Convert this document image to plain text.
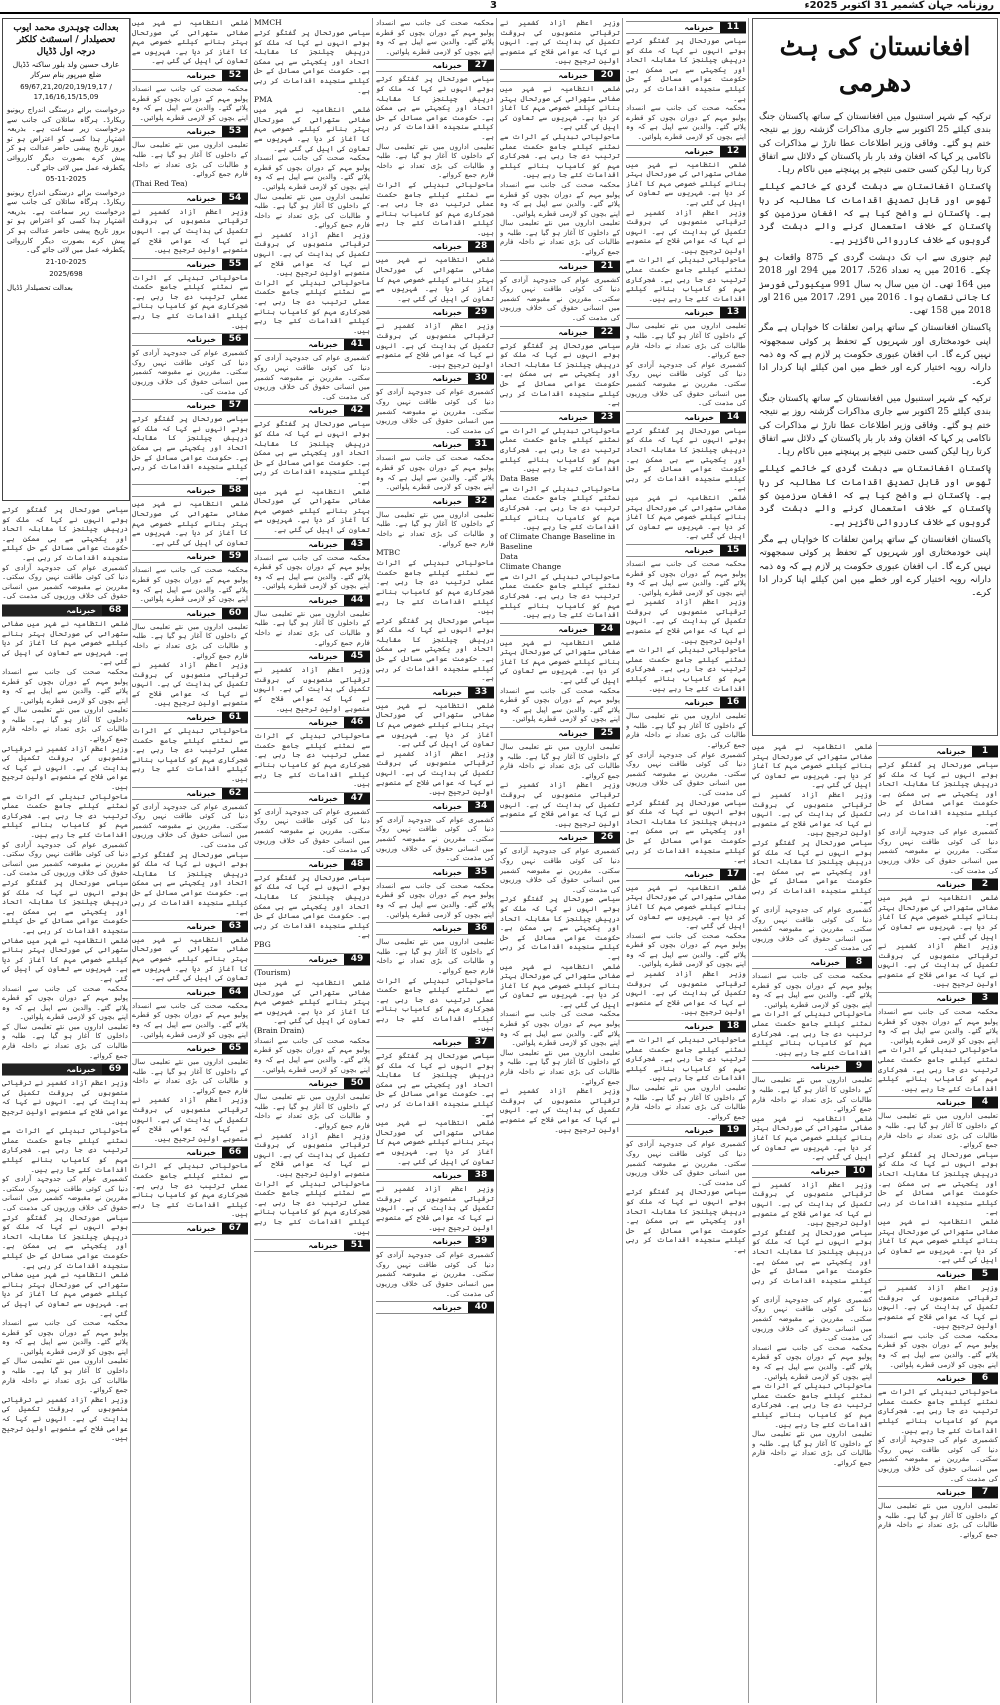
روزنامہ جہان کشمیر 31 اکتوبر 2025ء
3
افغانستان کی ہٹ دھرمی

ترکیہ کے شہر استنبول میں افغانستان کے ساتھ پاکستان جنگ بندی کیلئے 25 اکتوبر سے جاری مذاکرات گزشتہ روز بے نتیجہ ختم ہو گئے۔ وفاقی وزیر اطلاعات عطا تارڑ نے مذاکرات کی ناکامی پر کہا کہ افغان وفد بار بار پاکستان کے دلائل سے اتفاق کرتا رہا لیکن کسی حتمی نتیجے پر پہنچنے میں ناکام رہا۔

پاکستان افغانستان سے دہشت گردی کے خاتمے کیلئے ٹھوس اور قابل تصدیق اقدامات کا مطالبہ کر رہا ہے۔ پاکستان نے واضح کیا ہے کہ افغان سرزمین کو پاکستان کے خلاف استعمال کرنے والے دہشت گرد گروہوں کے خلاف کارروائی ناگزیر ہے۔

ٹیم جنوری سے اب تک دہشت گردی کے 875 واقعات ہو چکے۔ 2016 میں یہ تعداد 526، 2017 میں 294 اور 2018 میں 164 تھی۔ ان میں سال بہ سال 991 سیکیورٹی فورسز کا جانی نقصان ہوا۔ 2016 میں 291، 2017 میں 216 اور 2018 میں 158 تھی۔

پاکستان افغانستان کے ساتھ پرامن تعلقات کا خواہاں ہے مگر اپنی خودمختاری اور شہریوں کے تحفظ پر کوئی سمجھوتہ نہیں کرے گا۔ اب افغان عبوری حکومت پر لازم ہے کہ وہ ذمہ دارانہ رویہ اختیار کرے اور خطے میں امن کیلئے اپنا کردار ادا کرے۔

ترکیہ کے شہر استنبول میں افغانستان کے ساتھ پاکستان جنگ بندی کیلئے 25 اکتوبر سے جاری مذاکرات گزشتہ روز بے نتیجہ ختم ہو گئے۔ وفاقی وزیر اطلاعات عطا تارڑ نے مذاکرات کی ناکامی پر کہا کہ افغان وفد بار بار پاکستان کے دلائل سے اتفاق کرتا رہا لیکن کسی حتمی نتیجے پر پہنچنے میں ناکام رہا۔

پاکستان افغانستان سے دہشت گردی کے خاتمے کیلئے ٹھوس اور قابل تصدیق اقدامات کا مطالبہ کر رہا ہے۔ پاکستان نے واضح کیا ہے کہ افغان سرزمین کو پاکستان کے خلاف استعمال کرنے والے دہشت گرد گروہوں کے خلاف کارروائی ناگزیر ہے۔

پاکستان افغانستان کے ساتھ پرامن تعلقات کا خواہاں ہے مگر اپنی خودمختاری اور شہریوں کے تحفظ پر کوئی سمجھوتہ نہیں کرے گا۔ اب افغان عبوری حکومت پر لازم ہے کہ وہ ذمہ دارانہ رویہ اختیار کرے اور خطے میں امن کیلئے اپنا کردار ادا کرے۔

1
خبرنامہ

سیاسی صورتحال پر گفتگو کرتے ہوئے انہوں نے کہا کہ ملک کو درپیش چیلنجز کا مقابلہ اتحاد اور یکجہتی سے ہی ممکن ہے۔ حکومت عوامی مسائل کے حل کیلئے سنجیدہ اقدامات کر رہی ہے۔

کشمیری عوام کی جدوجہد آزادی کو دنیا کی کوئی طاقت نہیں روک سکتی۔ مقررین نے مقبوضہ کشمیر میں انسانی حقوق کی خلاف ورزیوں کی مذمت کی۔

2
خبرنامہ

ضلعی انتظامیہ نے شہر میں صفائی ستھرائی کی صورتحال بہتر بنانے کیلئے خصوصی مہم کا آغاز کر دیا ہے۔ شہریوں سے تعاون کی اپیل کی گئی ہے۔

وزیر اعظم آزاد کشمیر نے ترقیاتی منصوبوں کی بروقت تکمیل کی ہدایت کی ہے۔ انہوں نے کہا کہ عوامی فلاح کے منصوبے اولین ترجیح ہیں۔

3
خبرنامہ

محکمہ صحت کی جانب سے انسداد پولیو مہم کے دوران بچوں کو قطرے پلائے گئے۔ والدین سے اپیل ہے کہ وہ اپنے بچوں کو لازمی قطرے پلوائیں۔

ماحولیاتی تبدیلی کے اثرات سے نمٹنے کیلئے جامع حکمت عملی ترتیب دی جا رہی ہے۔ شجرکاری مہم کو کامیاب بنانے کیلئے اقدامات کئے جا رہے ہیں۔

4
خبرنامہ

تعلیمی اداروں میں نئے تعلیمی سال کے داخلوں کا آغاز ہو گیا ہے۔ طلبہ و طالبات کی بڑی تعداد نے داخلہ فارم جمع کروائے۔

سیاسی صورتحال پر گفتگو کرتے ہوئے انہوں نے کہا کہ ملک کو درپیش چیلنجز کا مقابلہ اتحاد اور یکجہتی سے ہی ممکن ہے۔ حکومت عوامی مسائل کے حل کیلئے سنجیدہ اقدامات کر رہی ہے۔

ضلعی انتظامیہ نے شہر میں صفائی ستھرائی کی صورتحال بہتر بنانے کیلئے خصوصی مہم کا آغاز کر دیا ہے۔ شہریوں سے تعاون کی اپیل کی گئی ہے۔

5
خبرنامہ

وزیر اعظم آزاد کشمیر نے ترقیاتی منصوبوں کی بروقت تکمیل کی ہدایت کی ہے۔ انہوں نے کہا کہ عوامی فلاح کے منصوبے اولین ترجیح ہیں۔

محکمہ صحت کی جانب سے انسداد پولیو مہم کے دوران بچوں کو قطرے پلائے گئے۔ والدین سے اپیل ہے کہ وہ اپنے بچوں کو لازمی قطرے پلوائیں۔

6
خبرنامہ

ماحولیاتی تبدیلی کے اثرات سے نمٹنے کیلئے جامع حکمت عملی ترتیب دی جا رہی ہے۔ شجرکاری مہم کو کامیاب بنانے کیلئے اقدامات کئے جا رہے ہیں۔

کشمیری عوام کی جدوجہد آزادی کو دنیا کی کوئی طاقت نہیں روک سکتی۔ مقررین نے مقبوضہ کشمیر میں انسانی حقوق کی خلاف ورزیوں کی مذمت کی۔

7
خبرنامہ

تعلیمی اداروں میں نئے تعلیمی سال کے داخلوں کا آغاز ہو گیا ہے۔ طلبہ و طالبات کی بڑی تعداد نے داخلہ فارم جمع کروائے۔

ضلعی انتظامیہ نے شہر میں صفائی ستھرائی کی صورتحال بہتر بنانے کیلئے خصوصی مہم کا آغاز کر دیا ہے۔ شہریوں سے تعاون کی اپیل کی گئی ہے۔

وزیر اعظم آزاد کشمیر نے ترقیاتی منصوبوں کی بروقت تکمیل کی ہدایت کی ہے۔ انہوں نے کہا کہ عوامی فلاح کے منصوبے اولین ترجیح ہیں۔

سیاسی صورتحال پر گفتگو کرتے ہوئے انہوں نے کہا کہ ملک کو درپیش چیلنجز کا مقابلہ اتحاد اور یکجہتی سے ہی ممکن ہے۔ حکومت عوامی مسائل کے حل کیلئے سنجیدہ اقدامات کر رہی ہے۔

کشمیری عوام کی جدوجہد آزادی کو دنیا کی کوئی طاقت نہیں روک سکتی۔ مقررین نے مقبوضہ کشمیر میں انسانی حقوق کی خلاف ورزیوں کی مذمت کی۔

8
خبرنامہ

محکمہ صحت کی جانب سے انسداد پولیو مہم کے دوران بچوں کو قطرے پلائے گئے۔ والدین سے اپیل ہے کہ وہ اپنے بچوں کو لازمی قطرے پلوائیں۔

ماحولیاتی تبدیلی کے اثرات سے نمٹنے کیلئے جامع حکمت عملی ترتیب دی جا رہی ہے۔ شجرکاری مہم کو کامیاب بنانے کیلئے اقدامات کئے جا رہے ہیں۔

9
خبرنامہ

تعلیمی اداروں میں نئے تعلیمی سال کے داخلوں کا آغاز ہو گیا ہے۔ طلبہ و طالبات کی بڑی تعداد نے داخلہ فارم جمع کروائے۔

ضلعی انتظامیہ نے شہر میں صفائی ستھرائی کی صورتحال بہتر بنانے کیلئے خصوصی مہم کا آغاز کر دیا ہے۔ شہریوں سے تعاون کی اپیل کی گئی ہے۔

10
خبرنامہ

وزیر اعظم آزاد کشمیر نے ترقیاتی منصوبوں کی بروقت تکمیل کی ہدایت کی ہے۔ انہوں نے کہا کہ عوامی فلاح کے منصوبے اولین ترجیح ہیں۔

سیاسی صورتحال پر گفتگو کرتے ہوئے انہوں نے کہا کہ ملک کو درپیش چیلنجز کا مقابلہ اتحاد اور یکجہتی سے ہی ممکن ہے۔ حکومت عوامی مسائل کے حل کیلئے سنجیدہ اقدامات کر رہی ہے۔

کشمیری عوام کی جدوجہد آزادی کو دنیا کی کوئی طاقت نہیں روک سکتی۔ مقررین نے مقبوضہ کشمیر میں انسانی حقوق کی خلاف ورزیوں کی مذمت کی۔

محکمہ صحت کی جانب سے انسداد پولیو مہم کے دوران بچوں کو قطرے پلائے گئے۔ والدین سے اپیل ہے کہ وہ اپنے بچوں کو لازمی قطرے پلوائیں۔

ماحولیاتی تبدیلی کے اثرات سے نمٹنے کیلئے جامع حکمت عملی ترتیب دی جا رہی ہے۔ شجرکاری مہم کو کامیاب بنانے کیلئے اقدامات کئے جا رہے ہیں۔

تعلیمی اداروں میں نئے تعلیمی سال کے داخلوں کا آغاز ہو گیا ہے۔ طلبہ و طالبات کی بڑی تعداد نے داخلہ فارم جمع کروائے۔

11
خبرنامہ

سیاسی صورتحال پر گفتگو کرتے ہوئے انہوں نے کہا کہ ملک کو درپیش چیلنجز کا مقابلہ اتحاد اور یکجہتی سے ہی ممکن ہے۔ حکومت عوامی مسائل کے حل کیلئے سنجیدہ اقدامات کر رہی ہے۔

محکمہ صحت کی جانب سے انسداد پولیو مہم کے دوران بچوں کو قطرے پلائے گئے۔ والدین سے اپیل ہے کہ وہ اپنے بچوں کو لازمی قطرے پلوائیں۔

12
خبرنامہ

ضلعی انتظامیہ نے شہر میں صفائی ستھرائی کی صورتحال بہتر بنانے کیلئے خصوصی مہم کا آغاز کر دیا ہے۔ شہریوں سے تعاون کی اپیل کی گئی ہے۔

وزیر اعظم آزاد کشمیر نے ترقیاتی منصوبوں کی بروقت تکمیل کی ہدایت کی ہے۔ انہوں نے کہا کہ عوامی فلاح کے منصوبے اولین ترجیح ہیں۔

ماحولیاتی تبدیلی کے اثرات سے نمٹنے کیلئے جامع حکمت عملی ترتیب دی جا رہی ہے۔ شجرکاری مہم کو کامیاب بنانے کیلئے اقدامات کئے جا رہے ہیں۔

13
خبرنامہ

تعلیمی اداروں میں نئے تعلیمی سال کے داخلوں کا آغاز ہو گیا ہے۔ طلبہ و طالبات کی بڑی تعداد نے داخلہ فارم جمع کروائے۔

کشمیری عوام کی جدوجہد آزادی کو دنیا کی کوئی طاقت نہیں روک سکتی۔ مقررین نے مقبوضہ کشمیر میں انسانی حقوق کی خلاف ورزیوں کی مذمت کی۔

14
خبرنامہ

سیاسی صورتحال پر گفتگو کرتے ہوئے انہوں نے کہا کہ ملک کو درپیش چیلنجز کا مقابلہ اتحاد اور یکجہتی سے ہی ممکن ہے۔ حکومت عوامی مسائل کے حل کیلئے سنجیدہ اقدامات کر رہی ہے۔

ضلعی انتظامیہ نے شہر میں صفائی ستھرائی کی صورتحال بہتر بنانے کیلئے خصوصی مہم کا آغاز کر دیا ہے۔ شہریوں سے تعاون کی اپیل کی گئی ہے۔

15
خبرنامہ

محکمہ صحت کی جانب سے انسداد پولیو مہم کے دوران بچوں کو قطرے پلائے گئے۔ والدین سے اپیل ہے کہ وہ اپنے بچوں کو لازمی قطرے پلوائیں۔

وزیر اعظم آزاد کشمیر نے ترقیاتی منصوبوں کی بروقت تکمیل کی ہدایت کی ہے۔ انہوں نے کہا کہ عوامی فلاح کے منصوبے اولین ترجیح ہیں۔

ماحولیاتی تبدیلی کے اثرات سے نمٹنے کیلئے جامع حکمت عملی ترتیب دی جا رہی ہے۔ شجرکاری مہم کو کامیاب بنانے کیلئے اقدامات کئے جا رہے ہیں۔

16
خبرنامہ

تعلیمی اداروں میں نئے تعلیمی سال کے داخلوں کا آغاز ہو گیا ہے۔ طلبہ و طالبات کی بڑی تعداد نے داخلہ فارم جمع کروائے۔

کشمیری عوام کی جدوجہد آزادی کو دنیا کی کوئی طاقت نہیں روک سکتی۔ مقررین نے مقبوضہ کشمیر میں انسانی حقوق کی خلاف ورزیوں کی مذمت کی۔

سیاسی صورتحال پر گفتگو کرتے ہوئے انہوں نے کہا کہ ملک کو درپیش چیلنجز کا مقابلہ اتحاد اور یکجہتی سے ہی ممکن ہے۔ حکومت عوامی مسائل کے حل کیلئے سنجیدہ اقدامات کر رہی ہے۔

17
خبرنامہ

ضلعی انتظامیہ نے شہر میں صفائی ستھرائی کی صورتحال بہتر بنانے کیلئے خصوصی مہم کا آغاز کر دیا ہے۔ شہریوں سے تعاون کی اپیل کی گئی ہے۔

محکمہ صحت کی جانب سے انسداد پولیو مہم کے دوران بچوں کو قطرے پلائے گئے۔ والدین سے اپیل ہے کہ وہ اپنے بچوں کو لازمی قطرے پلوائیں۔

وزیر اعظم آزاد کشمیر نے ترقیاتی منصوبوں کی بروقت تکمیل کی ہدایت کی ہے۔ انہوں نے کہا کہ عوامی فلاح کے منصوبے اولین ترجیح ہیں۔

18
خبرنامہ

ماحولیاتی تبدیلی کے اثرات سے نمٹنے کیلئے جامع حکمت عملی ترتیب دی جا رہی ہے۔ شجرکاری مہم کو کامیاب بنانے کیلئے اقدامات کئے جا رہے ہیں۔

تعلیمی اداروں میں نئے تعلیمی سال کے داخلوں کا آغاز ہو گیا ہے۔ طلبہ و طالبات کی بڑی تعداد نے داخلہ فارم جمع کروائے۔

19
خبرنامہ

کشمیری عوام کی جدوجہد آزادی کو دنیا کی کوئی طاقت نہیں روک سکتی۔ مقررین نے مقبوضہ کشمیر میں انسانی حقوق کی خلاف ورزیوں کی مذمت کی۔

سیاسی صورتحال پر گفتگو کرتے ہوئے انہوں نے کہا کہ ملک کو درپیش چیلنجز کا مقابلہ اتحاد اور یکجہتی سے ہی ممکن ہے۔ حکومت عوامی مسائل کے حل کیلئے سنجیدہ اقدامات کر رہی ہے۔

وزیر اعظم آزاد کشمیر نے ترقیاتی منصوبوں کی بروقت تکمیل کی ہدایت کی ہے۔ انہوں نے کہا کہ عوامی فلاح کے منصوبے اولین ترجیح ہیں۔

20
خبرنامہ

ضلعی انتظامیہ نے شہر میں صفائی ستھرائی کی صورتحال بہتر بنانے کیلئے خصوصی مہم کا آغاز کر دیا ہے۔ شہریوں سے تعاون کی اپیل کی گئی ہے۔

ماحولیاتی تبدیلی کے اثرات سے نمٹنے کیلئے جامع حکمت عملی ترتیب دی جا رہی ہے۔ شجرکاری مہم کو کامیاب بنانے کیلئے اقدامات کئے جا رہے ہیں۔

محکمہ صحت کی جانب سے انسداد پولیو مہم کے دوران بچوں کو قطرے پلائے گئے۔ والدین سے اپیل ہے کہ وہ اپنے بچوں کو لازمی قطرے پلوائیں۔

تعلیمی اداروں میں نئے تعلیمی سال کے داخلوں کا آغاز ہو گیا ہے۔ طلبہ و طالبات کی بڑی تعداد نے داخلہ فارم جمع کروائے۔

21
خبرنامہ

کشمیری عوام کی جدوجہد آزادی کو دنیا کی کوئی طاقت نہیں روک سکتی۔ مقررین نے مقبوضہ کشمیر میں انسانی حقوق کی خلاف ورزیوں کی مذمت کی۔

22
خبرنامہ

سیاسی صورتحال پر گفتگو کرتے ہوئے انہوں نے کہا کہ ملک کو درپیش چیلنجز کا مقابلہ اتحاد اور یکجہتی سے ہی ممکن ہے۔ حکومت عوامی مسائل کے حل کیلئے سنجیدہ اقدامات کر رہی ہے۔

23
خبرنامہ

ماحولیاتی تبدیلی کے اثرات سے نمٹنے کیلئے جامع حکمت عملی ترتیب دی جا رہی ہے۔ شجرکاری مہم کو کامیاب بنانے کیلئے اقدامات کئے جا رہے ہیں۔

Data Base

ماحولیاتی تبدیلی کے اثرات سے نمٹنے کیلئے جامع حکمت عملی ترتیب دی جا رہی ہے۔ شجرکاری مہم کو کامیاب بنانے کیلئے اقدامات کئے جا رہے ہیں۔

of Climate Change Baseline in

Baseline

Data

Climate Change

ماحولیاتی تبدیلی کے اثرات سے نمٹنے کیلئے جامع حکمت عملی ترتیب دی جا رہی ہے۔ شجرکاری مہم کو کامیاب بنانے کیلئے اقدامات کئے جا رہے ہیں۔

24
خبرنامہ

ضلعی انتظامیہ نے شہر میں صفائی ستھرائی کی صورتحال بہتر بنانے کیلئے خصوصی مہم کا آغاز کر دیا ہے۔ شہریوں سے تعاون کی اپیل کی گئی ہے۔

محکمہ صحت کی جانب سے انسداد پولیو مہم کے دوران بچوں کو قطرے پلائے گئے۔ والدین سے اپیل ہے کہ وہ اپنے بچوں کو لازمی قطرے پلوائیں۔

25
خبرنامہ

تعلیمی اداروں میں نئے تعلیمی سال کے داخلوں کا آغاز ہو گیا ہے۔ طلبہ و طالبات کی بڑی تعداد نے داخلہ فارم جمع کروائے۔

وزیر اعظم آزاد کشمیر نے ترقیاتی منصوبوں کی بروقت تکمیل کی ہدایت کی ہے۔ انہوں نے کہا کہ عوامی فلاح کے منصوبے اولین ترجیح ہیں۔

26
خبرنامہ

کشمیری عوام کی جدوجہد آزادی کو دنیا کی کوئی طاقت نہیں روک سکتی۔ مقررین نے مقبوضہ کشمیر میں انسانی حقوق کی خلاف ورزیوں کی مذمت کی۔

سیاسی صورتحال پر گفتگو کرتے ہوئے انہوں نے کہا کہ ملک کو درپیش چیلنجز کا مقابلہ اتحاد اور یکجہتی سے ہی ممکن ہے۔ حکومت عوامی مسائل کے حل کیلئے سنجیدہ اقدامات کر رہی ہے۔

ضلعی انتظامیہ نے شہر میں صفائی ستھرائی کی صورتحال بہتر بنانے کیلئے خصوصی مہم کا آغاز کر دیا ہے۔ شہریوں سے تعاون کی اپیل کی گئی ہے۔

محکمہ صحت کی جانب سے انسداد پولیو مہم کے دوران بچوں کو قطرے پلائے گئے۔ والدین سے اپیل ہے کہ وہ اپنے بچوں کو لازمی قطرے پلوائیں۔

تعلیمی اداروں میں نئے تعلیمی سال کے داخلوں کا آغاز ہو گیا ہے۔ طلبہ و طالبات کی بڑی تعداد نے داخلہ فارم جمع کروائے۔

وزیر اعظم آزاد کشمیر نے ترقیاتی منصوبوں کی بروقت تکمیل کی ہدایت کی ہے۔ انہوں نے کہا کہ عوامی فلاح کے منصوبے اولین ترجیح ہیں۔

محکمہ صحت کی جانب سے انسداد پولیو مہم کے دوران بچوں کو قطرے پلائے گئے۔ والدین سے اپیل ہے کہ وہ اپنے بچوں کو لازمی قطرے پلوائیں۔

27
خبرنامہ

سیاسی صورتحال پر گفتگو کرتے ہوئے انہوں نے کہا کہ ملک کو درپیش چیلنجز کا مقابلہ اتحاد اور یکجہتی سے ہی ممکن ہے۔ حکومت عوامی مسائل کے حل کیلئے سنجیدہ اقدامات کر رہی ہے۔

تعلیمی اداروں میں نئے تعلیمی سال کے داخلوں کا آغاز ہو گیا ہے۔ طلبہ و طالبات کی بڑی تعداد نے داخلہ فارم جمع کروائے۔

ماحولیاتی تبدیلی کے اثرات سے نمٹنے کیلئے جامع حکمت عملی ترتیب دی جا رہی ہے۔ شجرکاری مہم کو کامیاب بنانے کیلئے اقدامات کئے جا رہے ہیں۔

28
خبرنامہ

ضلعی انتظامیہ نے شہر میں صفائی ستھرائی کی صورتحال بہتر بنانے کیلئے خصوصی مہم کا آغاز کر دیا ہے۔ شہریوں سے تعاون کی اپیل کی گئی ہے۔

29
خبرنامہ

وزیر اعظم آزاد کشمیر نے ترقیاتی منصوبوں کی بروقت تکمیل کی ہدایت کی ہے۔ انہوں نے کہا کہ عوامی فلاح کے منصوبے اولین ترجیح ہیں۔

30
خبرنامہ

کشمیری عوام کی جدوجہد آزادی کو دنیا کی کوئی طاقت نہیں روک سکتی۔ مقررین نے مقبوضہ کشمیر میں انسانی حقوق کی خلاف ورزیوں کی مذمت کی۔

31
خبرنامہ

محکمہ صحت کی جانب سے انسداد پولیو مہم کے دوران بچوں کو قطرے پلائے گئے۔ والدین سے اپیل ہے کہ وہ اپنے بچوں کو لازمی قطرے پلوائیں۔

32
خبرنامہ

تعلیمی اداروں میں نئے تعلیمی سال کے داخلوں کا آغاز ہو گیا ہے۔ طلبہ و طالبات کی بڑی تعداد نے داخلہ فارم جمع کروائے۔

MTBC

ماحولیاتی تبدیلی کے اثرات سے نمٹنے کیلئے جامع حکمت عملی ترتیب دی جا رہی ہے۔ شجرکاری مہم کو کامیاب بنانے کیلئے اقدامات کئے جا رہے ہیں۔

سیاسی صورتحال پر گفتگو کرتے ہوئے انہوں نے کہا کہ ملک کو درپیش چیلنجز کا مقابلہ اتحاد اور یکجہتی سے ہی ممکن ہے۔ حکومت عوامی مسائل کے حل کیلئے سنجیدہ اقدامات کر رہی ہے۔

33
خبرنامہ

ضلعی انتظامیہ نے شہر میں صفائی ستھرائی کی صورتحال بہتر بنانے کیلئے خصوصی مہم کا آغاز کر دیا ہے۔ شہریوں سے تعاون کی اپیل کی گئی ہے۔

وزیر اعظم آزاد کشمیر نے ترقیاتی منصوبوں کی بروقت تکمیل کی ہدایت کی ہے۔ انہوں نے کہا کہ عوامی فلاح کے منصوبے اولین ترجیح ہیں۔

34
خبرنامہ

کشمیری عوام کی جدوجہد آزادی کو دنیا کی کوئی طاقت نہیں روک سکتی۔ مقررین نے مقبوضہ کشمیر میں انسانی حقوق کی خلاف ورزیوں کی مذمت کی۔

35
خبرنامہ

محکمہ صحت کی جانب سے انسداد پولیو مہم کے دوران بچوں کو قطرے پلائے گئے۔ والدین سے اپیل ہے کہ وہ اپنے بچوں کو لازمی قطرے پلوائیں۔

36
خبرنامہ

تعلیمی اداروں میں نئے تعلیمی سال کے داخلوں کا آغاز ہو گیا ہے۔ طلبہ و طالبات کی بڑی تعداد نے داخلہ فارم جمع کروائے۔

ماحولیاتی تبدیلی کے اثرات سے نمٹنے کیلئے جامع حکمت عملی ترتیب دی جا رہی ہے۔ شجرکاری مہم کو کامیاب بنانے کیلئے اقدامات کئے جا رہے ہیں۔

37
خبرنامہ

سیاسی صورتحال پر گفتگو کرتے ہوئے انہوں نے کہا کہ ملک کو درپیش چیلنجز کا مقابلہ اتحاد اور یکجہتی سے ہی ممکن ہے۔ حکومت عوامی مسائل کے حل کیلئے سنجیدہ اقدامات کر رہی ہے۔

ضلعی انتظامیہ نے شہر میں صفائی ستھرائی کی صورتحال بہتر بنانے کیلئے خصوصی مہم کا آغاز کر دیا ہے۔ شہریوں سے تعاون کی اپیل کی گئی ہے۔

38
خبرنامہ

وزیر اعظم آزاد کشمیر نے ترقیاتی منصوبوں کی بروقت تکمیل کی ہدایت کی ہے۔ انہوں نے کہا کہ عوامی فلاح کے منصوبے اولین ترجیح ہیں۔

39
خبرنامہ

کشمیری عوام کی جدوجہد آزادی کو دنیا کی کوئی طاقت نہیں روک سکتی۔ مقررین نے مقبوضہ کشمیر میں انسانی حقوق کی خلاف ورزیوں کی مذمت کی۔

40
خبرنامہ

MMCH

سیاسی صورتحال پر گفتگو کرتے ہوئے انہوں نے کہا کہ ملک کو درپیش چیلنجز کا مقابلہ اتحاد اور یکجہتی سے ہی ممکن ہے۔ حکومت عوامی مسائل کے حل کیلئے سنجیدہ اقدامات کر رہی ہے۔

PMA

ضلعی انتظامیہ نے شہر میں صفائی ستھرائی کی صورتحال بہتر بنانے کیلئے خصوصی مہم کا آغاز کر دیا ہے۔ شہریوں سے تعاون کی اپیل کی گئی ہے۔

محکمہ صحت کی جانب سے انسداد پولیو مہم کے دوران بچوں کو قطرے پلائے گئے۔ والدین سے اپیل ہے کہ وہ اپنے بچوں کو لازمی قطرے پلوائیں۔

تعلیمی اداروں میں نئے تعلیمی سال کے داخلوں کا آغاز ہو گیا ہے۔ طلبہ و طالبات کی بڑی تعداد نے داخلہ فارم جمع کروائے۔

وزیر اعظم آزاد کشمیر نے ترقیاتی منصوبوں کی بروقت تکمیل کی ہدایت کی ہے۔ انہوں نے کہا کہ عوامی فلاح کے منصوبے اولین ترجیح ہیں۔

ماحولیاتی تبدیلی کے اثرات سے نمٹنے کیلئے جامع حکمت عملی ترتیب دی جا رہی ہے۔ شجرکاری مہم کو کامیاب بنانے کیلئے اقدامات کئے جا رہے ہیں۔

41
خبرنامہ

کشمیری عوام کی جدوجہد آزادی کو دنیا کی کوئی طاقت نہیں روک سکتی۔ مقررین نے مقبوضہ کشمیر میں انسانی حقوق کی خلاف ورزیوں کی مذمت کی۔

42
خبرنامہ

سیاسی صورتحال پر گفتگو کرتے ہوئے انہوں نے کہا کہ ملک کو درپیش چیلنجز کا مقابلہ اتحاد اور یکجہتی سے ہی ممکن ہے۔ حکومت عوامی مسائل کے حل کیلئے سنجیدہ اقدامات کر رہی ہے۔

ضلعی انتظامیہ نے شہر میں صفائی ستھرائی کی صورتحال بہتر بنانے کیلئے خصوصی مہم کا آغاز کر دیا ہے۔ شہریوں سے تعاون کی اپیل کی گئی ہے۔

43
خبرنامہ

محکمہ صحت کی جانب سے انسداد پولیو مہم کے دوران بچوں کو قطرے پلائے گئے۔ والدین سے اپیل ہے کہ وہ اپنے بچوں کو لازمی قطرے پلوائیں۔

44
خبرنامہ

تعلیمی اداروں میں نئے تعلیمی سال کے داخلوں کا آغاز ہو گیا ہے۔ طلبہ و طالبات کی بڑی تعداد نے داخلہ فارم جمع کروائے۔

45
خبرنامہ

وزیر اعظم آزاد کشمیر نے ترقیاتی منصوبوں کی بروقت تکمیل کی ہدایت کی ہے۔ انہوں نے کہا کہ عوامی فلاح کے منصوبے اولین ترجیح ہیں۔

46
خبرنامہ

ماحولیاتی تبدیلی کے اثرات سے نمٹنے کیلئے جامع حکمت عملی ترتیب دی جا رہی ہے۔ شجرکاری مہم کو کامیاب بنانے کیلئے اقدامات کئے جا رہے ہیں۔

47
خبرنامہ

کشمیری عوام کی جدوجہد آزادی کو دنیا کی کوئی طاقت نہیں روک سکتی۔ مقررین نے مقبوضہ کشمیر میں انسانی حقوق کی خلاف ورزیوں کی مذمت کی۔

48
خبرنامہ

سیاسی صورتحال پر گفتگو کرتے ہوئے انہوں نے کہا کہ ملک کو درپیش چیلنجز کا مقابلہ اتحاد اور یکجہتی سے ہی ممکن ہے۔ حکومت عوامی مسائل کے حل کیلئے سنجیدہ اقدامات کر رہی ہے۔

PBG

49
خبرنامہ

(Tourism)

ضلعی انتظامیہ نے شہر میں صفائی ستھرائی کی صورتحال بہتر بنانے کیلئے خصوصی مہم کا آغاز کر دیا ہے۔ شہریوں سے تعاون کی اپیل کی گئی ہے۔

(Brain Drain)

محکمہ صحت کی جانب سے انسداد پولیو مہم کے دوران بچوں کو قطرے پلائے گئے۔ والدین سے اپیل ہے کہ وہ اپنے بچوں کو لازمی قطرے پلوائیں۔

50
خبرنامہ

تعلیمی اداروں میں نئے تعلیمی سال کے داخلوں کا آغاز ہو گیا ہے۔ طلبہ و طالبات کی بڑی تعداد نے داخلہ فارم جمع کروائے۔

وزیر اعظم آزاد کشمیر نے ترقیاتی منصوبوں کی بروقت تکمیل کی ہدایت کی ہے۔ انہوں نے کہا کہ عوامی فلاح کے منصوبے اولین ترجیح ہیں۔

ماحولیاتی تبدیلی کے اثرات سے نمٹنے کیلئے جامع حکمت عملی ترتیب دی جا رہی ہے۔ شجرکاری مہم کو کامیاب بنانے کیلئے اقدامات کئے جا رہے ہیں۔

51
خبرنامہ

ضلعی انتظامیہ نے شہر میں صفائی ستھرائی کی صورتحال بہتر بنانے کیلئے خصوصی مہم کا آغاز کر دیا ہے۔ شہریوں سے تعاون کی اپیل کی گئی ہے۔

52
خبرنامہ

محکمہ صحت کی جانب سے انسداد پولیو مہم کے دوران بچوں کو قطرے پلائے گئے۔ والدین سے اپیل ہے کہ وہ اپنے بچوں کو لازمی قطرے پلوائیں۔

53
خبرنامہ

تعلیمی اداروں میں نئے تعلیمی سال کے داخلوں کا آغاز ہو گیا ہے۔ طلبہ و طالبات کی بڑی تعداد نے داخلہ فارم جمع کروائے۔

(Thai Red Tea)

54
خبرنامہ

وزیر اعظم آزاد کشمیر نے ترقیاتی منصوبوں کی بروقت تکمیل کی ہدایت کی ہے۔ انہوں نے کہا کہ عوامی فلاح کے منصوبے اولین ترجیح ہیں۔

55
خبرنامہ

ماحولیاتی تبدیلی کے اثرات سے نمٹنے کیلئے جامع حکمت عملی ترتیب دی جا رہی ہے۔ شجرکاری مہم کو کامیاب بنانے کیلئے اقدامات کئے جا رہے ہیں۔

56
خبرنامہ

کشمیری عوام کی جدوجہد آزادی کو دنیا کی کوئی طاقت نہیں روک سکتی۔ مقررین نے مقبوضہ کشمیر میں انسانی حقوق کی خلاف ورزیوں کی مذمت کی۔

57
خبرنامہ

سیاسی صورتحال پر گفتگو کرتے ہوئے انہوں نے کہا کہ ملک کو درپیش چیلنجز کا مقابلہ اتحاد اور یکجہتی سے ہی ممکن ہے۔ حکومت عوامی مسائل کے حل کیلئے سنجیدہ اقدامات کر رہی ہے۔

58
خبرنامہ

ضلعی انتظامیہ نے شہر میں صفائی ستھرائی کی صورتحال بہتر بنانے کیلئے خصوصی مہم کا آغاز کر دیا ہے۔ شہریوں سے تعاون کی اپیل کی گئی ہے۔

59
خبرنامہ

محکمہ صحت کی جانب سے انسداد پولیو مہم کے دوران بچوں کو قطرے پلائے گئے۔ والدین سے اپیل ہے کہ وہ اپنے بچوں کو لازمی قطرے پلوائیں۔

60
خبرنامہ

تعلیمی اداروں میں نئے تعلیمی سال کے داخلوں کا آغاز ہو گیا ہے۔ طلبہ و طالبات کی بڑی تعداد نے داخلہ فارم جمع کروائے۔

وزیر اعظم آزاد کشمیر نے ترقیاتی منصوبوں کی بروقت تکمیل کی ہدایت کی ہے۔ انہوں نے کہا کہ عوامی فلاح کے منصوبے اولین ترجیح ہیں۔

61
خبرنامہ

ماحولیاتی تبدیلی کے اثرات سے نمٹنے کیلئے جامع حکمت عملی ترتیب دی جا رہی ہے۔ شجرکاری مہم کو کامیاب بنانے کیلئے اقدامات کئے جا رہے ہیں۔

62
خبرنامہ

کشمیری عوام کی جدوجہد آزادی کو دنیا کی کوئی طاقت نہیں روک سکتی۔ مقررین نے مقبوضہ کشمیر میں انسانی حقوق کی خلاف ورزیوں کی مذمت کی۔

سیاسی صورتحال پر گفتگو کرتے ہوئے انہوں نے کہا کہ ملک کو درپیش چیلنجز کا مقابلہ اتحاد اور یکجہتی سے ہی ممکن ہے۔ حکومت عوامی مسائل کے حل کیلئے سنجیدہ اقدامات کر رہی ہے۔

63
خبرنامہ

ضلعی انتظامیہ نے شہر میں صفائی ستھرائی کی صورتحال بہتر بنانے کیلئے خصوصی مہم کا آغاز کر دیا ہے۔ شہریوں سے تعاون کی اپیل کی گئی ہے۔

64
خبرنامہ

محکمہ صحت کی جانب سے انسداد پولیو مہم کے دوران بچوں کو قطرے پلائے گئے۔ والدین سے اپیل ہے کہ وہ اپنے بچوں کو لازمی قطرے پلوائیں۔

65
خبرنامہ

تعلیمی اداروں میں نئے تعلیمی سال کے داخلوں کا آغاز ہو گیا ہے۔ طلبہ و طالبات کی بڑی تعداد نے داخلہ فارم جمع کروائے۔

وزیر اعظم آزاد کشمیر نے ترقیاتی منصوبوں کی بروقت تکمیل کی ہدایت کی ہے۔ انہوں نے کہا کہ عوامی فلاح کے منصوبے اولین ترجیح ہیں۔

66
خبرنامہ

ماحولیاتی تبدیلی کے اثرات سے نمٹنے کیلئے جامع حکمت عملی ترتیب دی جا رہی ہے۔ شجرکاری مہم کو کامیاب بنانے کیلئے اقدامات کئے جا رہے ہیں۔

67
خبرنامہ
بعدالت چوہدری محمد ایوب تحصیلدار / اسسٹنٹ کلکٹر درجہ اول ڈڈیال
عارف حسین ولد بلور ساکنہ ڈڈیال ضلع میرپور بنام سرکار
69/67,21,20/20,19/19,17 / 17,16/16,15/15,09

درخواست برائے درستگی اندراج ریونیو ریکارڈ۔ ہرگاہ سائلان کی جانب سے درخواست زیر سماعت ہے۔ بذریعہ اشتہار ہذا کسی کو اعتراض ہو تو بروز تاریخ پیشی حاضر عدالت ہو کر پیش کرے بصورت دیگر کارروائی یکطرفہ عمل میں لائی جائے گی۔

05-11-2025

درخواست برائے درستگی اندراج ریونیو ریکارڈ۔ ہرگاہ سائلان کی جانب سے درخواست زیر سماعت ہے۔ بذریعہ اشتہار ہذا کسی کو اعتراض ہو تو بروز تاریخ پیشی حاضر عدالت ہو کر پیش کرے بصورت دیگر کارروائی یکطرفہ عمل میں لائی جائے گی۔

21-10-2025
2025/698
بعدالت تحصیلدار ڈڈیال

سیاسی صورتحال پر گفتگو کرتے ہوئے انہوں نے کہا کہ ملک کو درپیش چیلنجز کا مقابلہ اتحاد اور یکجہتی سے ہی ممکن ہے۔ حکومت عوامی مسائل کے حل کیلئے سنجیدہ اقدامات کر رہی ہے۔

کشمیری عوام کی جدوجہد آزادی کو دنیا کی کوئی طاقت نہیں روک سکتی۔ مقررین نے مقبوضہ کشمیر میں انسانی حقوق کی خلاف ورزیوں کی مذمت کی۔

68
خبرنامہ

ضلعی انتظامیہ نے شہر میں صفائی ستھرائی کی صورتحال بہتر بنانے کیلئے خصوصی مہم کا آغاز کر دیا ہے۔ شہریوں سے تعاون کی اپیل کی گئی ہے۔

محکمہ صحت کی جانب سے انسداد پولیو مہم کے دوران بچوں کو قطرے پلائے گئے۔ والدین سے اپیل ہے کہ وہ اپنے بچوں کو لازمی قطرے پلوائیں۔

تعلیمی اداروں میں نئے تعلیمی سال کے داخلوں کا آغاز ہو گیا ہے۔ طلبہ و طالبات کی بڑی تعداد نے داخلہ فارم جمع کروائے۔

وزیر اعظم آزاد کشمیر نے ترقیاتی منصوبوں کی بروقت تکمیل کی ہدایت کی ہے۔ انہوں نے کہا کہ عوامی فلاح کے منصوبے اولین ترجیح ہیں۔

ماحولیاتی تبدیلی کے اثرات سے نمٹنے کیلئے جامع حکمت عملی ترتیب دی جا رہی ہے۔ شجرکاری مہم کو کامیاب بنانے کیلئے اقدامات کئے جا رہے ہیں۔

کشمیری عوام کی جدوجہد آزادی کو دنیا کی کوئی طاقت نہیں روک سکتی۔ مقررین نے مقبوضہ کشمیر میں انسانی حقوق کی خلاف ورزیوں کی مذمت کی۔

سیاسی صورتحال پر گفتگو کرتے ہوئے انہوں نے کہا کہ ملک کو درپیش چیلنجز کا مقابلہ اتحاد اور یکجہتی سے ہی ممکن ہے۔ حکومت عوامی مسائل کے حل کیلئے سنجیدہ اقدامات کر رہی ہے۔

ضلعی انتظامیہ نے شہر میں صفائی ستھرائی کی صورتحال بہتر بنانے کیلئے خصوصی مہم کا آغاز کر دیا ہے۔ شہریوں سے تعاون کی اپیل کی گئی ہے۔

محکمہ صحت کی جانب سے انسداد پولیو مہم کے دوران بچوں کو قطرے پلائے گئے۔ والدین سے اپیل ہے کہ وہ اپنے بچوں کو لازمی قطرے پلوائیں۔

تعلیمی اداروں میں نئے تعلیمی سال کے داخلوں کا آغاز ہو گیا ہے۔ طلبہ و طالبات کی بڑی تعداد نے داخلہ فارم جمع کروائے۔

69
خبرنامہ

وزیر اعظم آزاد کشمیر نے ترقیاتی منصوبوں کی بروقت تکمیل کی ہدایت کی ہے۔ انہوں نے کہا کہ عوامی فلاح کے منصوبے اولین ترجیح ہیں۔

ماحولیاتی تبدیلی کے اثرات سے نمٹنے کیلئے جامع حکمت عملی ترتیب دی جا رہی ہے۔ شجرکاری مہم کو کامیاب بنانے کیلئے اقدامات کئے جا رہے ہیں۔

کشمیری عوام کی جدوجہد آزادی کو دنیا کی کوئی طاقت نہیں روک سکتی۔ مقررین نے مقبوضہ کشمیر میں انسانی حقوق کی خلاف ورزیوں کی مذمت کی۔

سیاسی صورتحال پر گفتگو کرتے ہوئے انہوں نے کہا کہ ملک کو درپیش چیلنجز کا مقابلہ اتحاد اور یکجہتی سے ہی ممکن ہے۔ حکومت عوامی مسائل کے حل کیلئے سنجیدہ اقدامات کر رہی ہے۔

ضلعی انتظامیہ نے شہر میں صفائی ستھرائی کی صورتحال بہتر بنانے کیلئے خصوصی مہم کا آغاز کر دیا ہے۔ شہریوں سے تعاون کی اپیل کی گئی ہے۔

محکمہ صحت کی جانب سے انسداد پولیو مہم کے دوران بچوں کو قطرے پلائے گئے۔ والدین سے اپیل ہے کہ وہ اپنے بچوں کو لازمی قطرے پلوائیں۔

تعلیمی اداروں میں نئے تعلیمی سال کے داخلوں کا آغاز ہو گیا ہے۔ طلبہ و طالبات کی بڑی تعداد نے داخلہ فارم جمع کروائے۔

وزیر اعظم آزاد کشمیر نے ترقیاتی منصوبوں کی بروقت تکمیل کی ہدایت کی ہے۔ انہوں نے کہا کہ عوامی فلاح کے منصوبے اولین ترجیح ہیں۔
